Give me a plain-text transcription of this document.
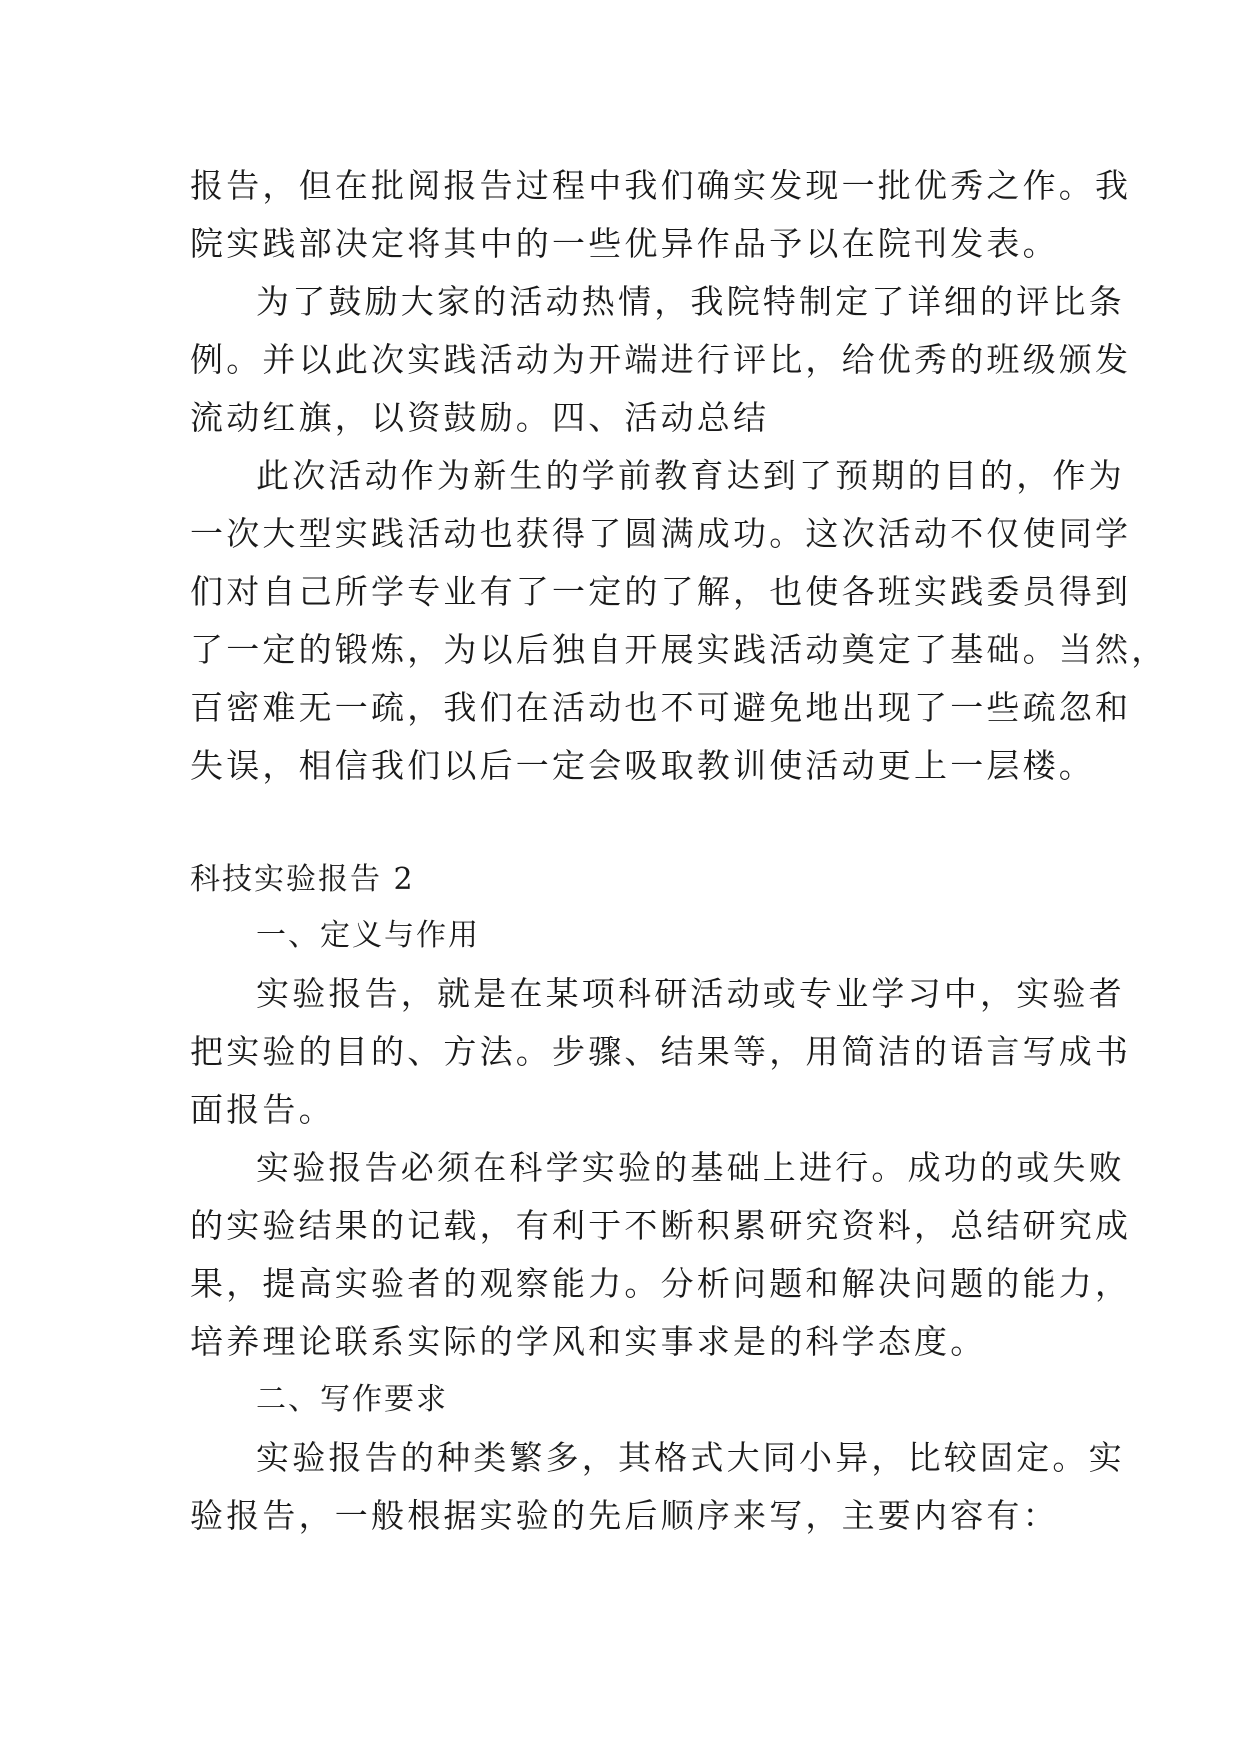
报告，但在批阅报告过程中我们确实发现一批优秀之作。我
院实践部决定将其中的一些优异作品予以在院刊发表。
为了鼓励大家的活动热情，我院特制定了详细的评比条
例。并以此次实践活动为开端进行评比，给优秀的班级颁发
流动红旗，以资鼓励。四、活动总结
此次活动作为新生的学前教育达到了预期的目的，作为
一次大型实践活动也获得了圆满成功。这次活动不仅使同学
们对自己所学专业有了一定的了解，也使各班实践委员得到
了一定的锻炼，为以后独自开展实践活动奠定了基础。当然，
百密难无一疏，我们在活动也不可避免地出现了一些疏忽和
失误，相信我们以后一定会吸取教训使活动更上一层楼。
科技实验报告 2
一、定义与作用
实验报告，就是在某项科研活动或专业学习中，实验者
把实验的目的、方法。步骤、结果等，用简洁的语言写成书
面报告。
实验报告必须在科学实验的基础上进行。成功的或失败
的实验结果的记载，有利于不断积累研究资料，总结研究成
果，提高实验者的观察能力。分析问题和解决问题的能力，
培养理论联系实际的学风和实事求是的科学态度。
二、写作要求
实验报告的种类繁多，其格式大同小异，比较固定。实
验报告，一般根据实验的先后顺序来写，主要内容有：
